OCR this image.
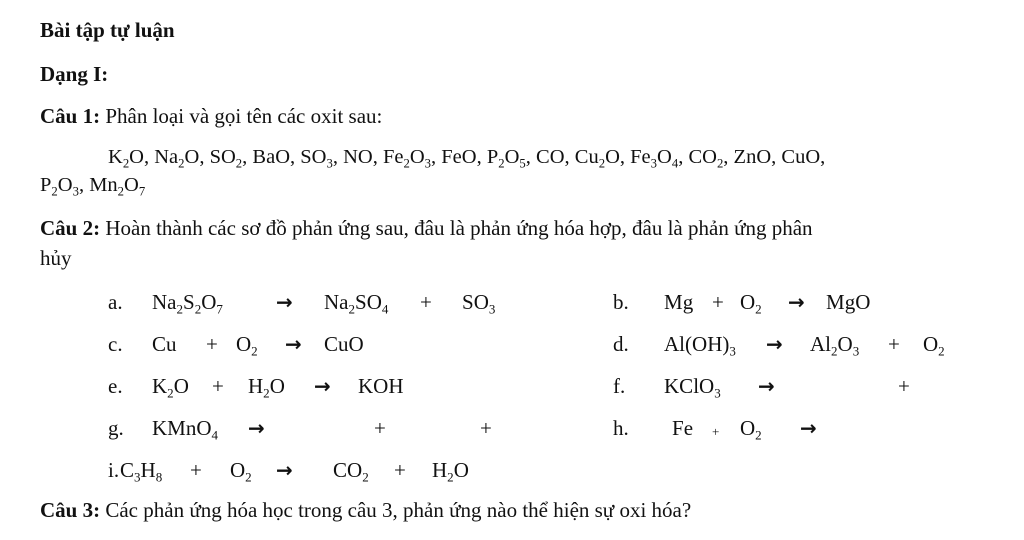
Bài tập tự luận
Dạng I:
Câu 1: Phân loại và gọi tên các oxit sau:
$K_2O$, $Na_2O$, $SO_2$, BaO, $SO_3$, NO, $Fe_2O_3$, FeO, $P_2O_5$, CO, $Cu_2O$, $Fe_3O_4$, $CO_2$, ZnO, CuO,
$P_2O_3$, $Mn_2O_7$
Câu 2: Hoàn thành các sơ đồ phản ứng sau, đâu là phản ứng hóa hợp, đâu là phản ứng phân
hủy
a. $Na_2S_2O_7$	→ $Na_2SO_4 + SO_3$	b. $Mg + O_2$ → MgO
c. $Cu + O_2$ → CuO	d. $Al(OH)_3 \to Al_2O_3 + O_2$
e. $K_2O + H_2O$ → KOH	f. KClO$_3$ →	+
g. KMnO$_4$ →	+	+	h. $Fe + O_2$ →
i. $C_3H_8 + O_2 \to CO_2 + H_2O$
Câu 3: Các phản ứng hóa học trong câu 3, phản ứng nào thể hiện sự oxi hóa?
